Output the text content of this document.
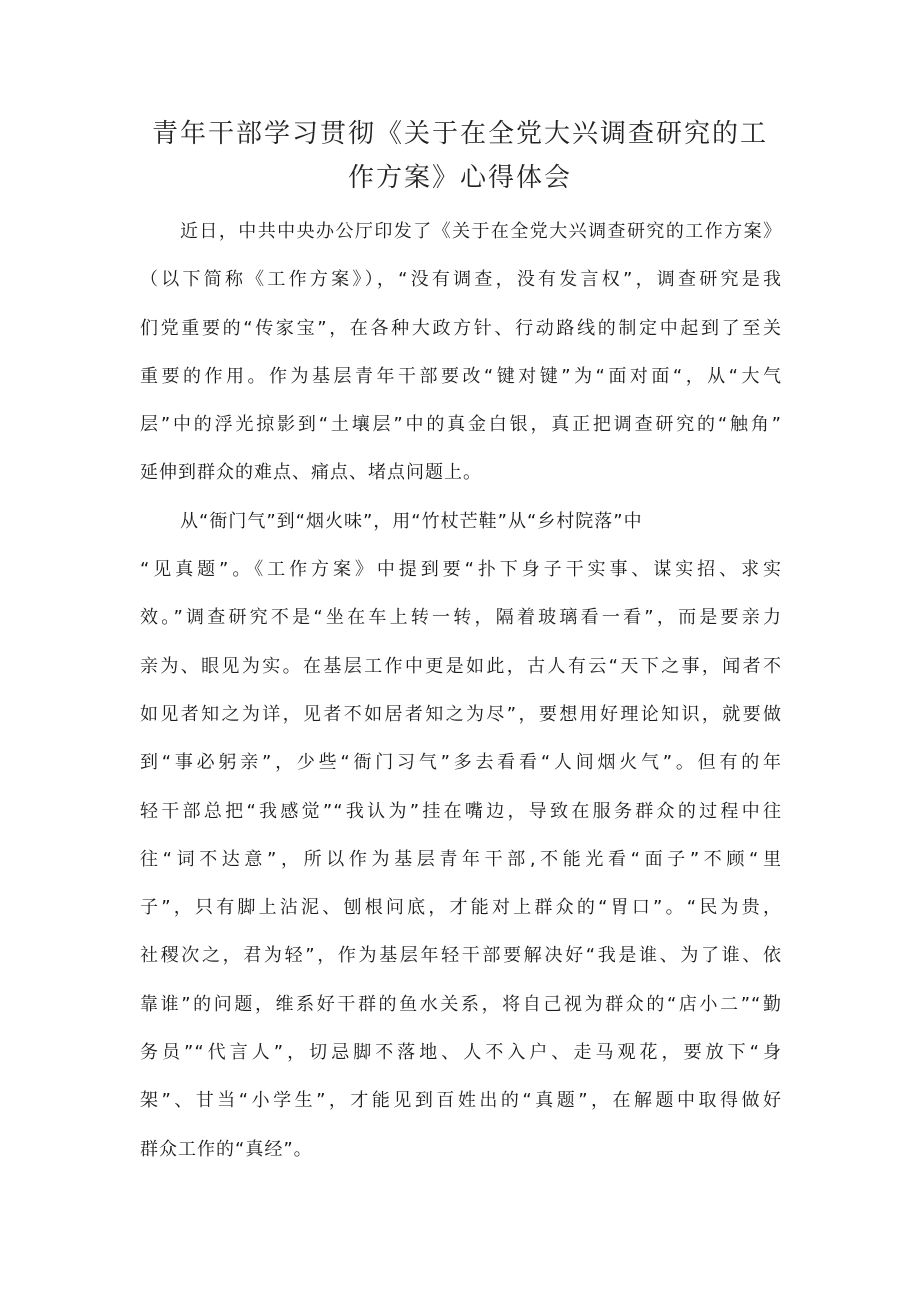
青年干部学习贯彻《关于在全党大兴调查研究的工
作方案》心得体会
近日，中共中央办公厅印发了《关于在全党大兴调查研究的工作方案》
（以下简称《工作方案》），“没有调查，没有发言权”，调查研究是我
们党重要的“传家宝”，在各种大政方针、行动路线的制定中起到了至关
重要的作用。作为基层青年干部要改“键对键”为“面对面“，从“大气
层”中的浮光掠影到“土壤层”中的真金白银，真正把调查研究的“触角”
延伸到群众的难点、痛点、堵点问题上。
从“衙门气”到“烟火味”，用“竹杖芒鞋”从“乡村院落”中
“见真题”。《工作方案》中提到要“扑下身子干实事、谋实招、求实
效。”调查研究不是“坐在车上转一转，隔着玻璃看一看”，而是要亲力
亲为、眼见为实。在基层工作中更是如此，古人有云“天下之事，闻者不
如见者知之为详，见者不如居者知之为尽”，要想用好理论知识，就要做
到“事必躬亲”，少些“衙门习气”多去看看“人间烟火气”。但有的年
轻干部总把“我感觉”“我认为”挂在嘴边，导致在服务群众的过程中往
往“词不达意”，所以作为基层青年干部,不能光看“面子”不顾“里
子”，只有脚上沾泥、刨根问底，才能对上群众的“胃口”。“民为贵，
社稷次之，君为轻”，作为基层年轻干部要解决好“我是谁、为了谁、依
靠谁”的问题，维系好干群的鱼水关系，将自己视为群众的“店小二”“勤
务员”“代言人”，切忌脚不落地、人不入户、走马观花，要放下“身
架”、甘当“小学生”，才能见到百姓出的“真题”，在解题中取得做好
群众工作的“真经”。
